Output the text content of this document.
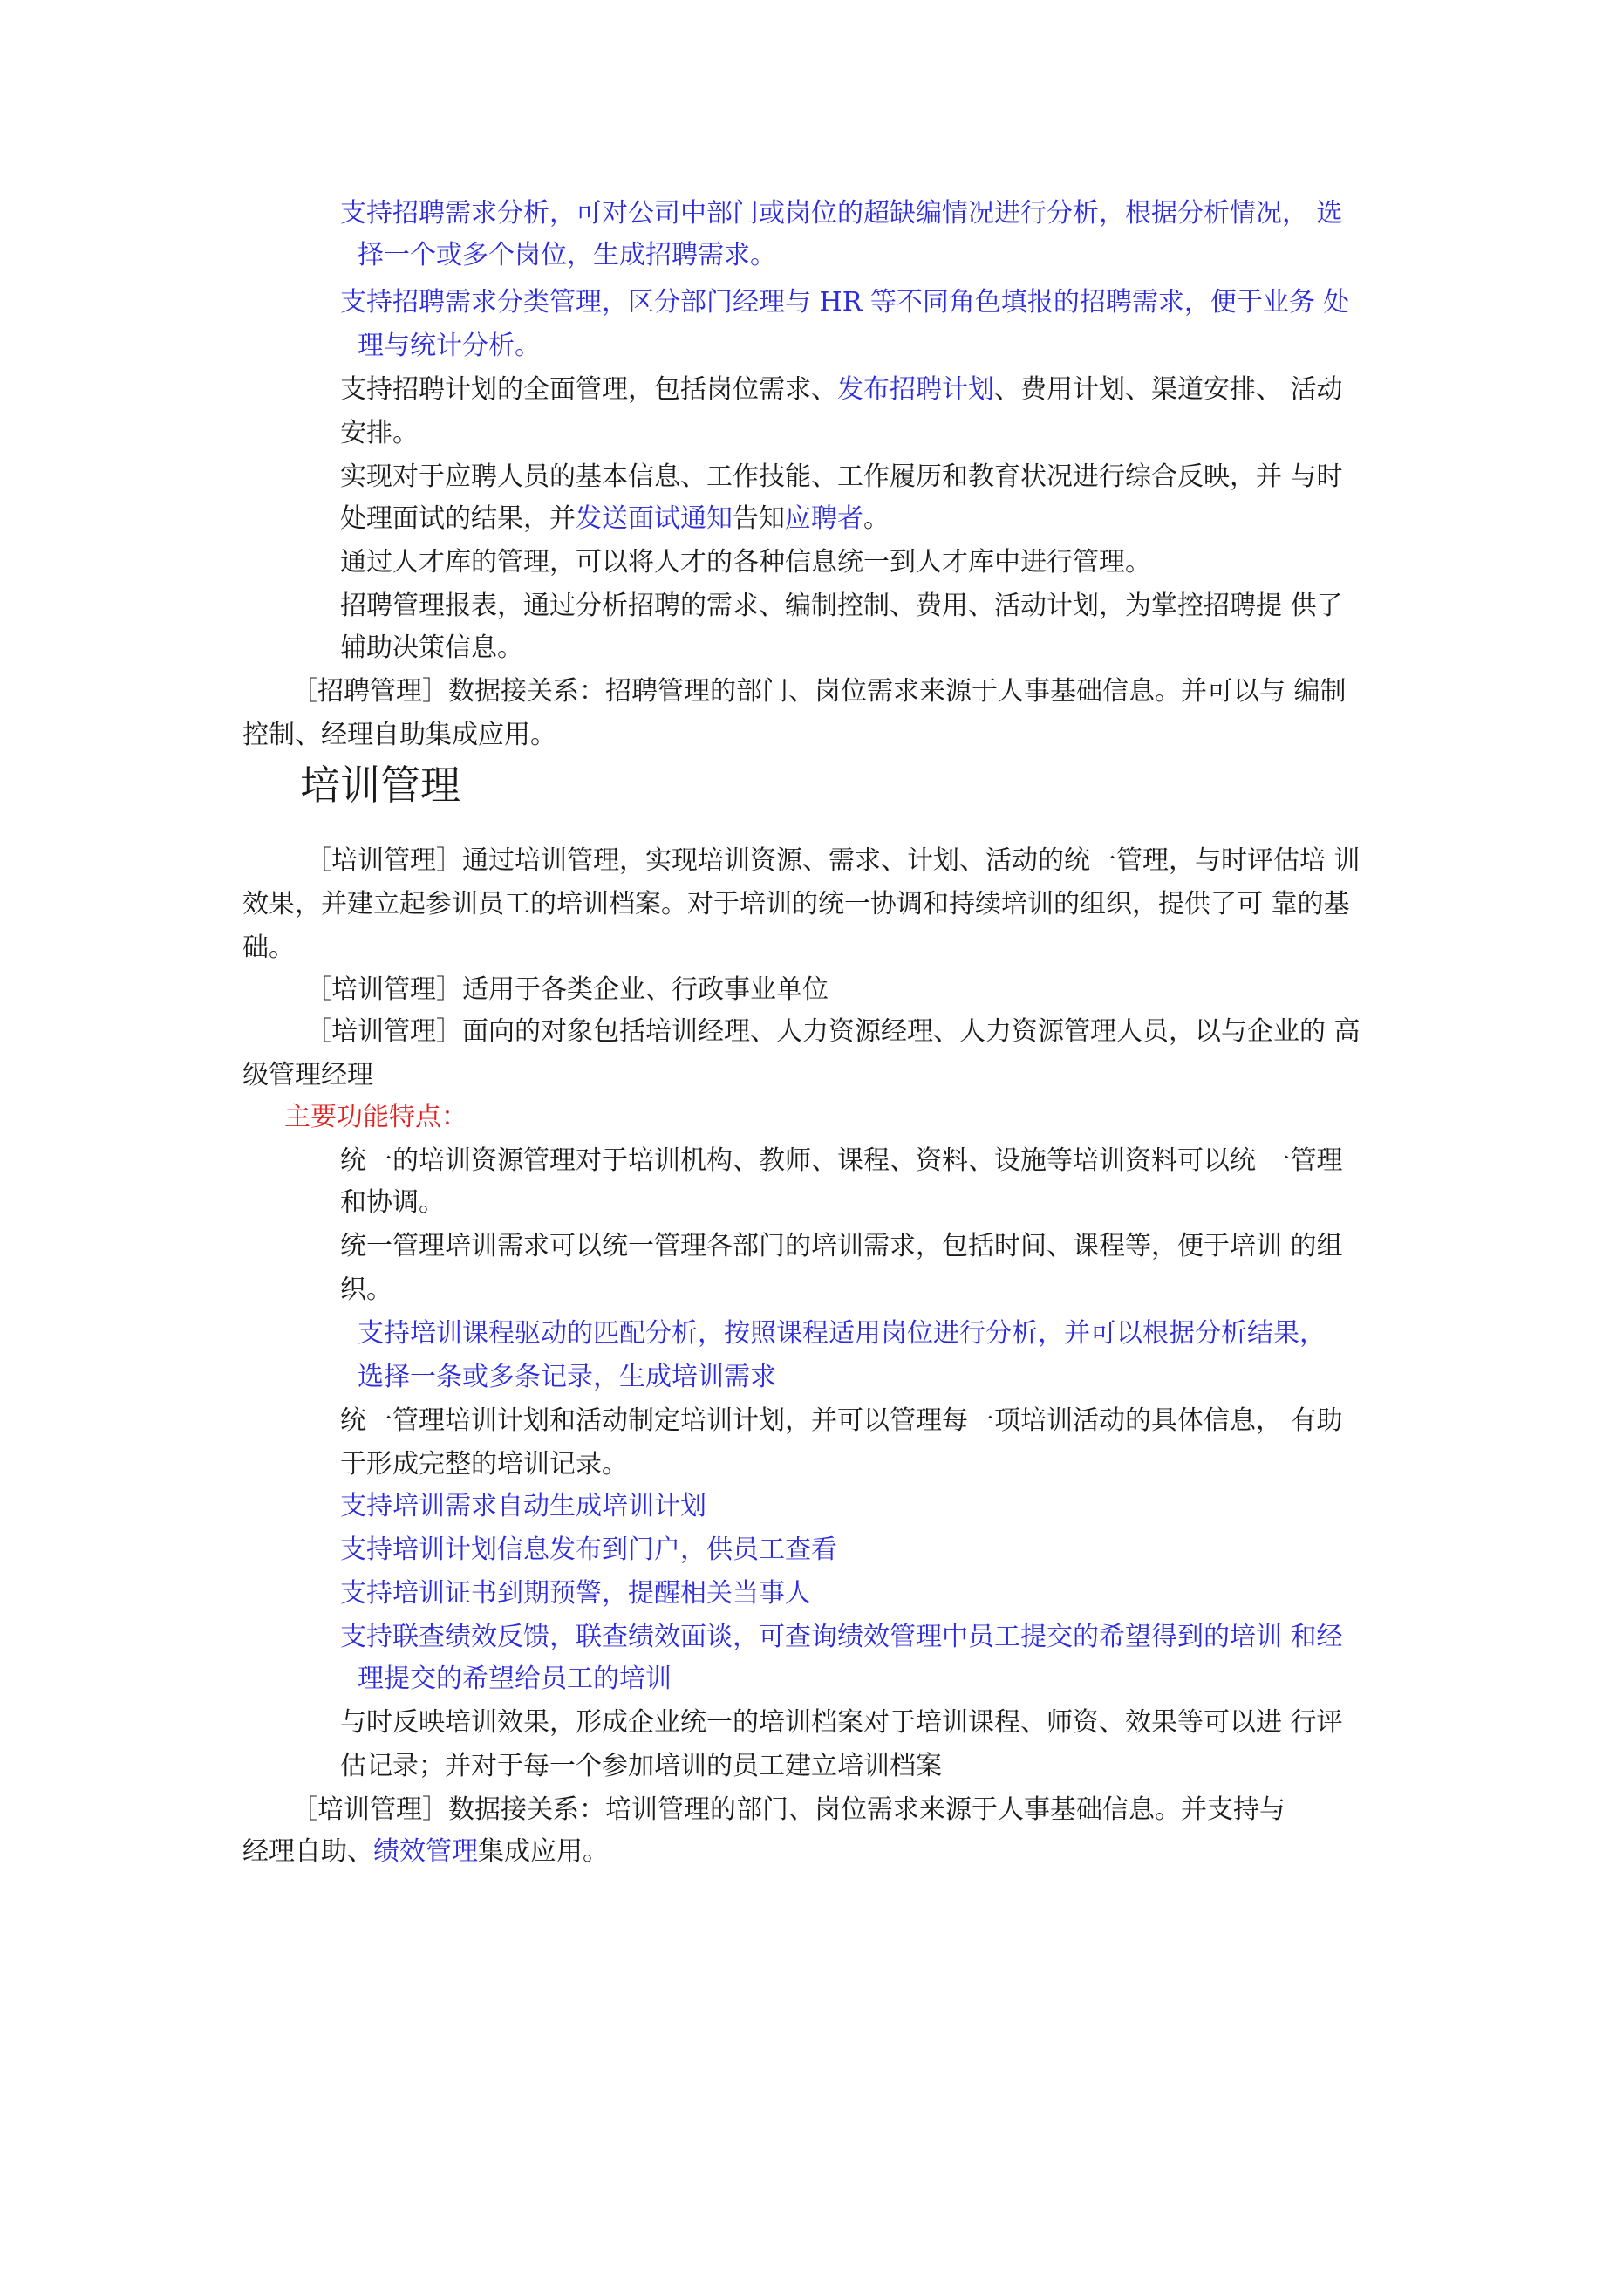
支持招聘需求分析，可对公司中部门或岗位的超缺编情况进行分析，根据分析情况， 选
择一个或多个岗位，生成招聘需求。
支持招聘需求分类管理，区分部门经理与 HR 等不同角色填报的招聘需求，便于业务 处
理与统计分析。
支持招聘计划的全面管理，包括岗位需求、发布招聘计划、费用计划、渠道安排、 活动
安排。
实现对于应聘人员的基本信息、工作技能、工作履历和教育状况进行综合反映，并 与时
处理面试的结果，并发送面试通知告知应聘者。
通过人才库的管理，可以将人才的各种信息统一到人才库中进行管理。
招聘管理报表，通过分析招聘的需求、编制控制、费用、活动计划，为掌控招聘提 供了
辅助决策信息。
［招聘管理］数据接关系：招聘管理的部门、岗位需求来源于人事基础信息。并可以与 编制
控制、经理自助集成应用。
培训管理
［培训管理］通过培训管理，实现培训资源、需求、计划、活动的统一管理，与时评估培 训
效果，并建立起参训员工的培训档案。对于培训的统一协调和持续培训的组织，提供了可 靠的基
础。
［培训管理］适用于各类企业、行政事业单位
［培训管理］面向的对象包括培训经理、人力资源经理、人力资源管理人员，以与企业的 高
级管理经理
主要功能特点：
统一的培训资源管理对于培训机构、教师、课程、资料、设施等培训资料可以统 一管理
和协调。
统一管理培训需求可以统一管理各部门的培训需求，包括时间、课程等，便于培训 的组
织。
支持培训课程驱动的匹配分析，按照课程适用岗位进行分析，并可以根据分析结果，
选择一条或多条记录，生成培训需求
统一管理培训计划和活动制定培训计划，并可以管理每一项培训活动的具体信息， 有助
于形成完整的培训记录。
支持培训需求自动生成培训计划
支持培训计划信息发布到门户，供员工查看
支持培训证书到期预警，提醒相关当事人
支持联查绩效反馈，联查绩效面谈，可查询绩效管理中员工提交的希望得到的培训 和经
理提交的希望给员工的培训
与时反映培训效果，形成企业统一的培训档案对于培训课程、师资、效果等可以进 行评
估记录；并对于每一个参加培训的员工建立培训档案
［培训管理］数据接关系：培训管理的部门、岗位需求来源于人事基础信息。并支持与
经理自助、绩效管理集成应用。
